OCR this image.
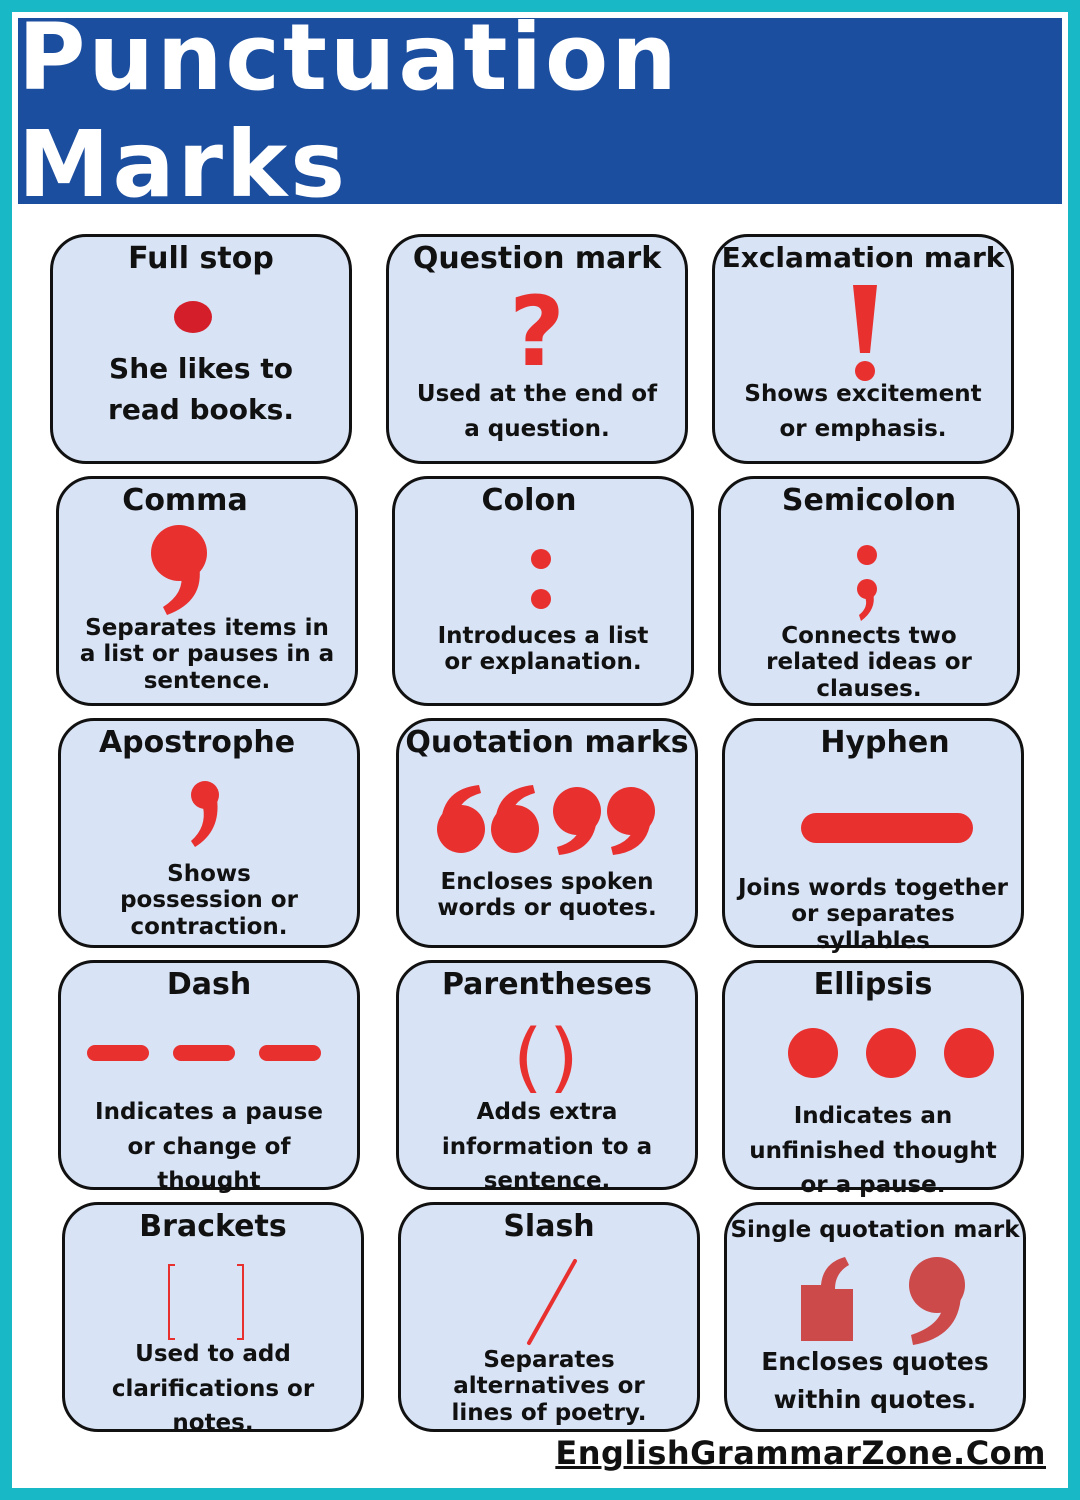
Punctuation Marks
Full stop
She likes to read books.
Question mark
?
Used at the end of a question.
Exclamation mark
Shows excitement or emphasis.
Comma
Separates items in a list or pauses in a sentence.
Colon
Introduces a list or explanation.
Semicolon
Connects two related ideas or clauses.
Apostrophe
Shows possession or contraction.
Quotation marks
Encloses spoken words or quotes.
Hyphen
Joins words together or separates syllables
Dash
Indicates a pause or change of thought
Parentheses
( )
Adds extra information to a sentence.
Ellipsis
Indicates an unfinished thought or a pause.
Brackets
Used to add clarifications or notes.
Slash
Separates alternatives or lines of poetry.
Single quotation mark
Encloses quotes within quotes.
EnglishGrammarZone.Com
